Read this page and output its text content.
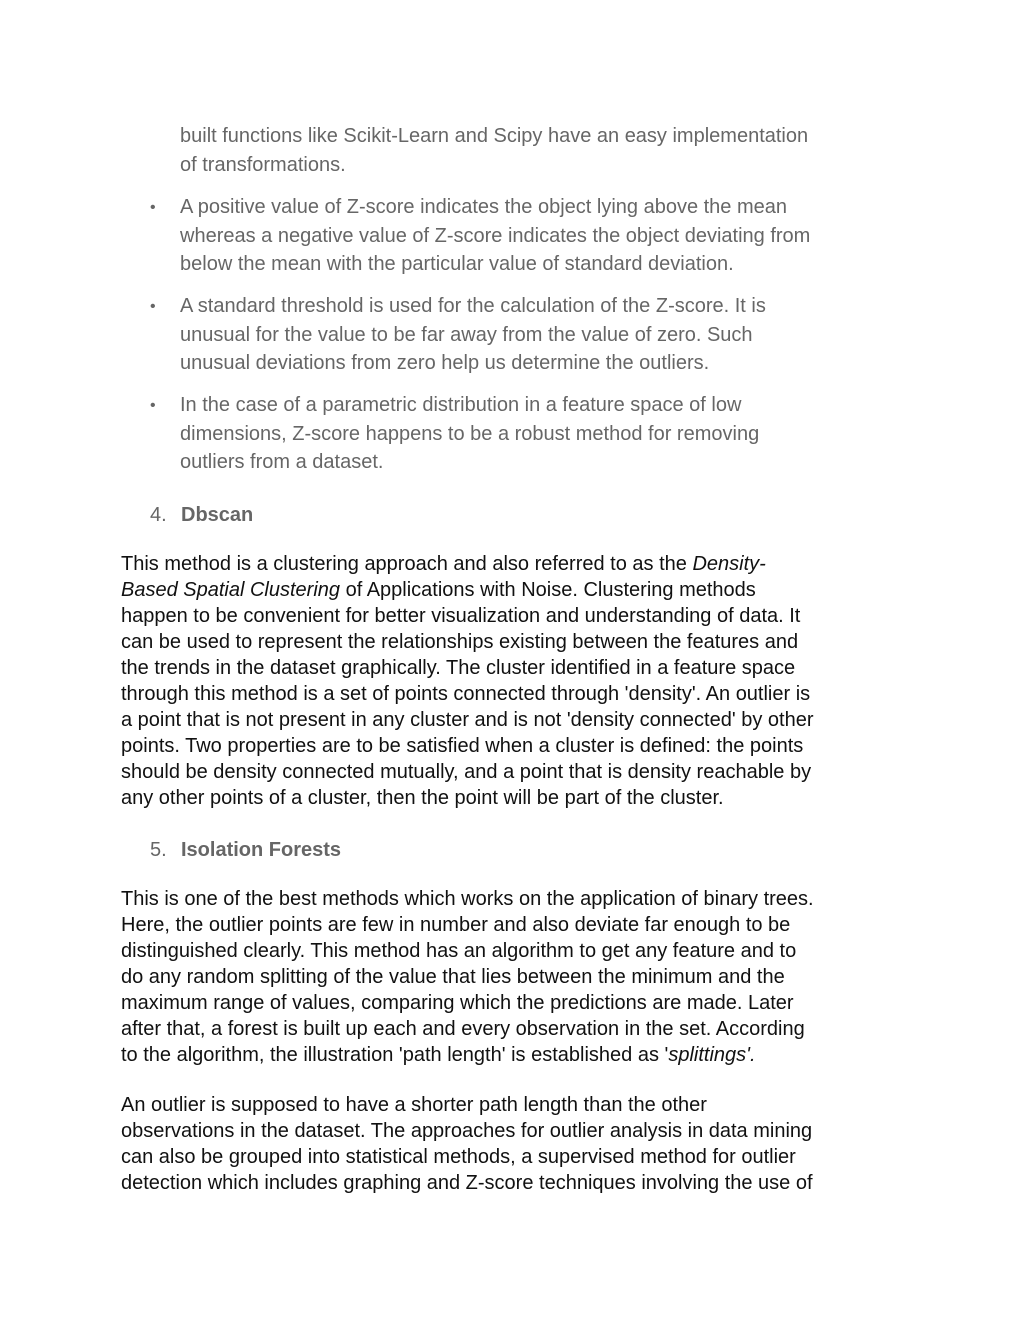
built functions like Scikit-Learn and Scipy have an easy implementation
of transformations.
•	A positive value of Z-score indicates the object lying above the mean
whereas a negative value of Z-score indicates the object deviating from
below the mean with the particular value of standard deviation.
•	A standard threshold is used for the calculation of the Z-score. It is
unusual for the value to be far away from the value of zero. Such
unusual deviations from zero help us determine the outliers.
•	In the case of a parametric distribution in a feature space of low
dimensions, Z-score happens to be a robust method for removing
outliers from a dataset.
4. Dbscan
This method is a clustering approach and also referred to as the Density-
Based Spatial Clustering of Applications with Noise. Clustering methods
happen to be convenient for better visualization and understanding of data. It
can be used to represent the relationships existing between the features and
the trends in the dataset graphically. The cluster identified in a feature space
through this method is a set of points connected through 'density'. An outlier is
a point that is not present in any cluster and is not 'density connected' by other
points. Two properties are to be satisfied when a cluster is defined: the points
should be density connected mutually, and a point that is density reachable by
any other points of a cluster, then the point will be part of the cluster.
5. Isolation Forests
This is one of the best methods which works on the application of binary trees.
Here, the outlier points are few in number and also deviate far enough to be
distinguished clearly. This method has an algorithm to get any feature and to
do any random splitting of the value that lies between the minimum and the
maximum range of values, comparing which the predictions are made. Later
after that, a forest is built up each and every observation in the set. According
to the algorithm, the illustration 'path length' is established as 'splittings'.
An outlier is supposed to have a shorter path length than the other
observations in the dataset. The approaches for outlier analysis in data mining
can also be grouped into statistical methods, a supervised method for outlier
detection which includes graphing and Z-score techniques involving the use of
